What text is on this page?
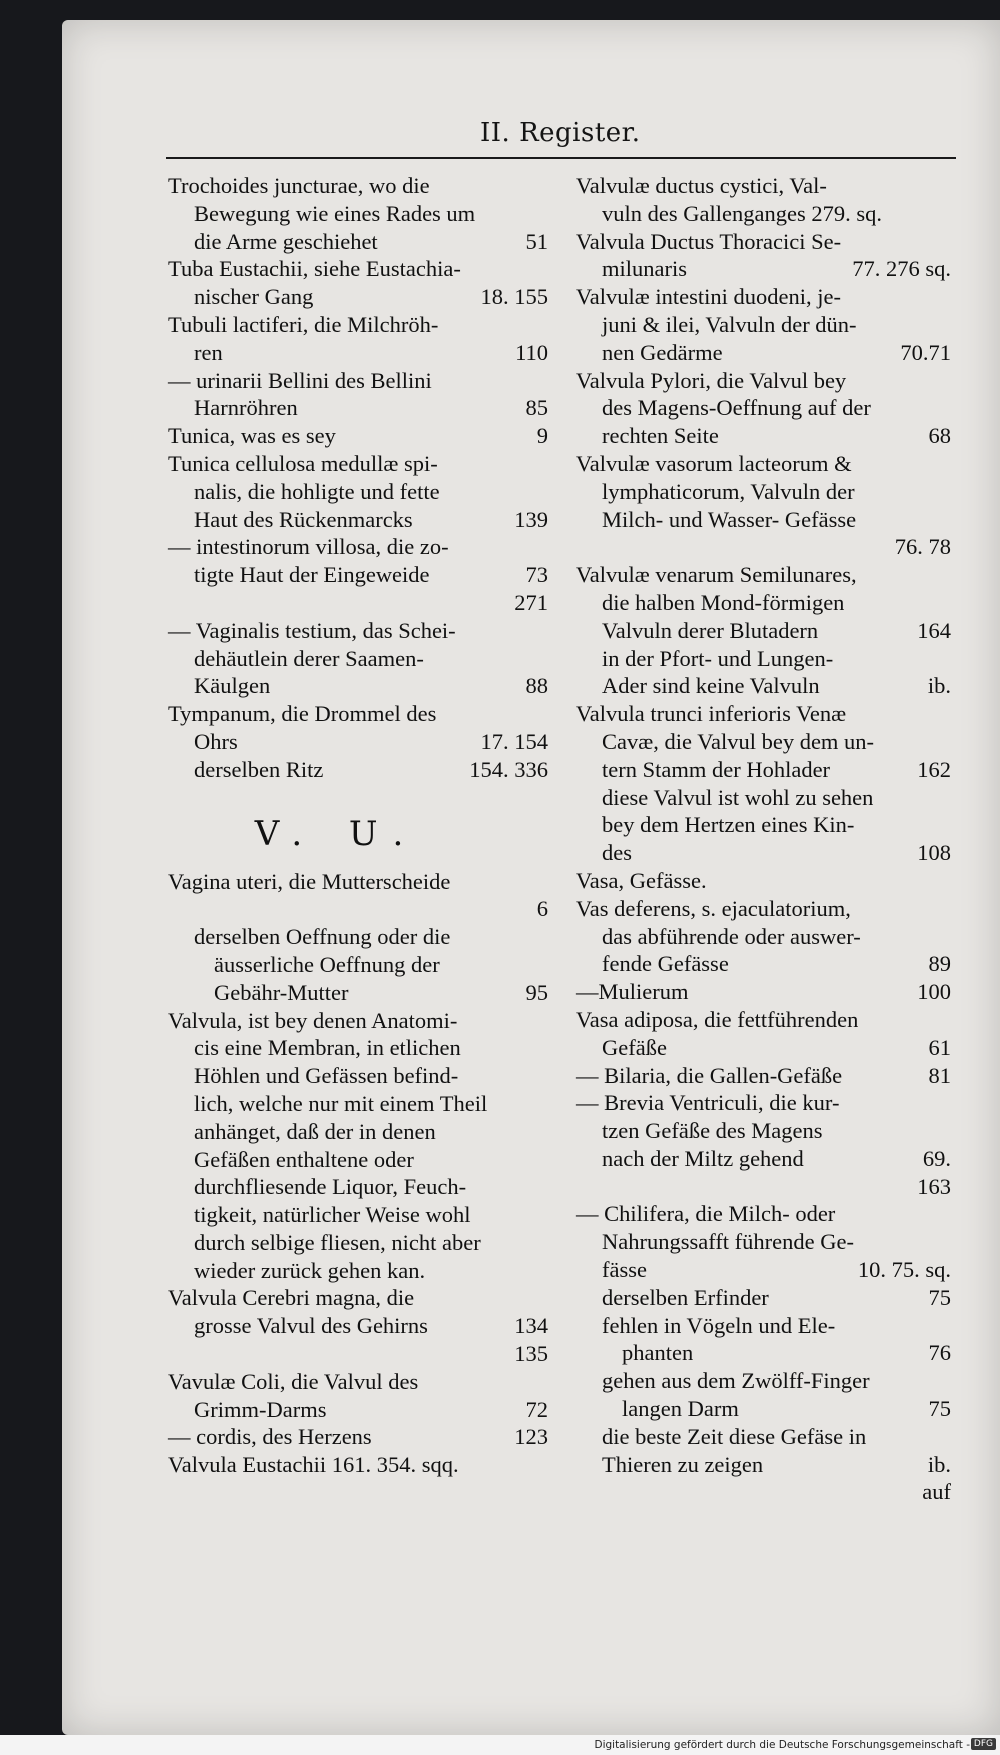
II. Register.
Trochoides juncturae, wo die
Bewegung wie eines Rades um
die Arme geschiehet	51
Tuba Eustachii, siehe Eustachia-
nischer Gang	18. 155
Tubuli lactiferi, die Milchröh-
ren	110
— urinarii Bellini des Bellini
Harnröhren	85
Tunica, was es sey	9
Tunica cellulosa medullæ spi-
nalis, die hohligte und fette
Haut des Rückenmarcks	139
— intestinorum villosa, die zo-
tigte Haut der Eingeweide	73
271
— Vaginalis testium, das Schei-
dehäutlein derer Saamen-
Käulgen	88
Tympanum, die Drommel des
Ohrs	17. 154
derselben Ritz	154. 336
V. U.
Vagina uteri, die Mutterscheide
6
derselben Oeffnung oder die
äusserliche Oeffnung der
Gebähr-Mutter	95
Valvula, ist bey denen Anatomi-
cis eine Membran, in etlichen
Höhlen und Gefässen befind-
lich, welche nur mit einem Theil
anhänget, daß der in denen
Gefäßen enthaltene oder
durchfliesende Liquor, Feuch-
tigkeit, natürlicher Weise wohl
durch selbige fliesen, nicht aber
wieder zurück gehen kan.
Valvula Cerebri magna, die
grosse Valvul des Gehirns	134
135
Vavulæ Coli, die Valvul des
Grimm-Darms	72
— cordis, des Herzens	123
Valvula Eustachii 161. 354. sqq.
Valvulæ ductus cystici, Val-
vuln des Gallenganges 279. sq.
Valvula Ductus Thoracici Se-
milunaris	77. 276 sq.
Valvulæ intestini duodeni, je-
juni & ilei, Valvuln der dün-
nen Gedärme	70.71
Valvula Pylori, die Valvul bey
des Magens-Oeffnung auf der
rechten Seite	68
Valvulæ vasorum lacteorum &
lymphaticorum, Valvuln der
Milch- und Wasser- Gefässe
76. 78
Valvulæ venarum Semilunares,
die halben Mond-förmigen
Valvuln derer Blutadern	164
in der Pfort- und Lungen-
Ader sind keine Valvuln	ib.
Valvula trunci inferioris Venæ
Cavæ, die Valvul bey dem un-
tern Stamm der Hohlader	162
diese Valvul ist wohl zu sehen
bey dem Hertzen eines Kin-
des	108
Vasa, Gefässe.
Vas deferens, s. ejaculatorium,
das abführende oder auswer-
fende Gefässe	89
—Mulierum	100
Vasa adiposa, die fettführenden
Gefäße	61
— Bilaria, die Gallen-Gefäße	81
— Brevia Ventriculi, die kur-
tzen Gefäße des Magens
nach der Miltz gehend	69.
163
— Chilifera, die Milch- oder
Nahrungssafft führende Ge-
fässe	10. 75. sq.
derselben Erfinder	75
fehlen in Vögeln und Ele-
phanten	76
gehen aus dem Zwölff-Finger
langen Darm	75
die beste Zeit diese Gefäse in
Thieren zu zeigen	ib.
auf
Digitalisierung gefördert durch die Deutsche Forschungsgemeinschaft - DFG
